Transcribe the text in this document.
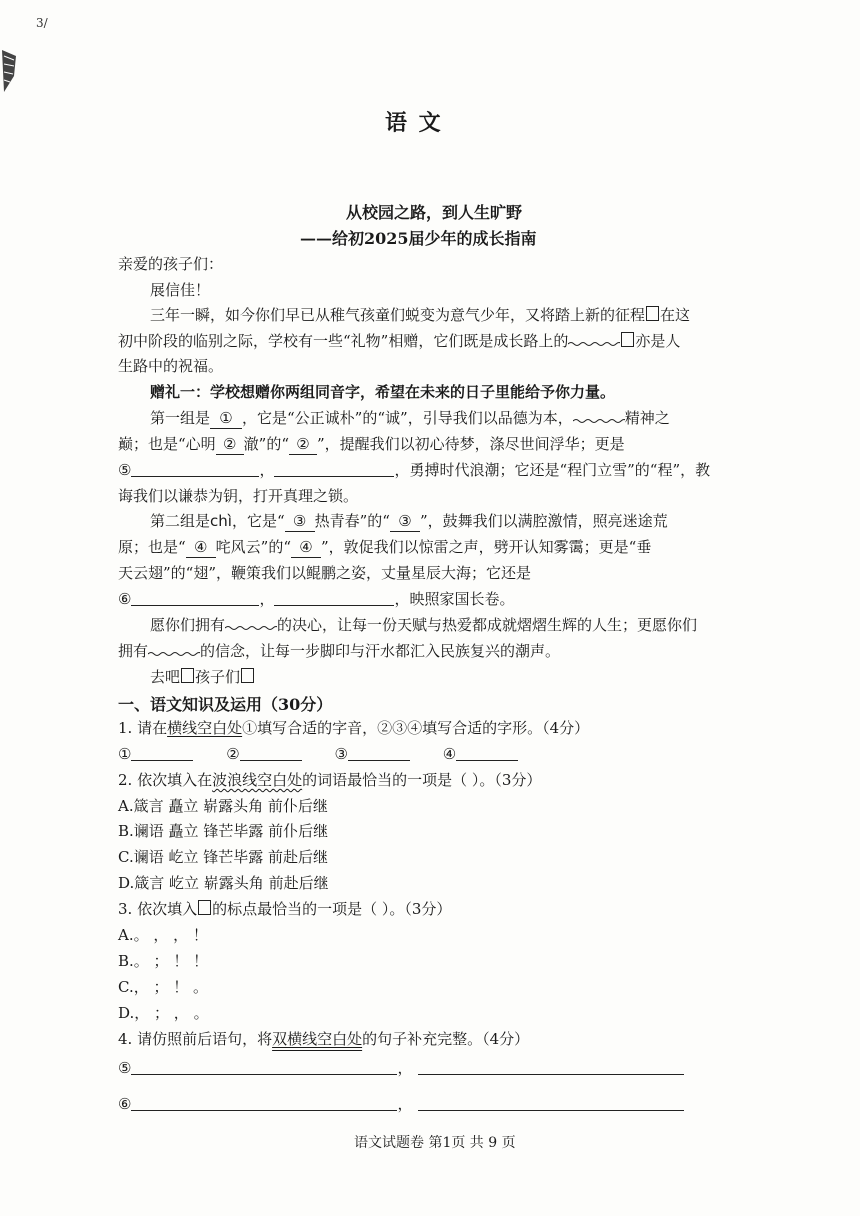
3/
语 文
从校园之路，到人生旷野
——给初2025届少年的成长指南
亲爱的孩子们：
展信佳！
三年一瞬，如今你们早已从稚气孩童们蜕变为意气少年，又将踏上新的征程 在这
初中阶段的临别之际，学校有一些“礼物”相赠，它们既是成长路上的	亦是人
生路中的祝福。
赠礼一：学校想赠你两组同音字，希望在未来的日子里能给予你力量。
第一组是 ① ，它是“公正诚朴”的“诚”，引导我们以品德为本，	精神之
巅；也是“心明 ② 澈”的“ ② ”，提醒我们以初心待梦，涤尽世间浮华；更是
⑤	，	，勇搏时代浪潮；它还是“程门立雪”的“程”，教
诲我们以谦恭为钥，打开真理之锁。
第二组是chì，它是“ ③ 热青春”的“ ③ ”，鼓舞我们以满腔激情，照亮迷途荒
原；也是“ ④ 咤风云”的“ ④ ”，敦促我们以惊雷之声，劈开认知雾霭；更是“垂
天云翅”的“翅”，鞭策我们以鲲鹏之姿，丈量星辰大海；它还是
⑥	，	，映照家国长卷。
愿你们拥有	的决心，让每一份天赋与热爱都成就熠熠生辉的人生；更愿你们
拥有	的信念，让每一步脚印与汗水都汇入民族复兴的潮声。
去吧 孩子们
一、语文知识及运用（30分）
1. 请在横线空白处①填写合适的字音，②③④填写合适的字形。（4分）
①	②	③	④
2. 依次填入在波浪线空白处的词语最恰当的一项是（ ）。（3分）
A.箴言 矗立 崭露头角 前仆后继
B.谰语 矗立 锋芒毕露 前仆后继
C.谰语 屹立 锋芒毕露 前赴后继
D.箴言 屹立 崭露头角 前赴后继
3. 依次填入 的标点最恰当的一项是（ ）。（3分）
A.。 ， ， ！
B.。 ； ！ ！
C.， ； ！ 。
D.， ； ， 。
4. 请仿照前后语句，将双横线空白处的句子补充完整。（4分）
⑤	，
⑥	，
语文试题卷 第1页 共 9 页
